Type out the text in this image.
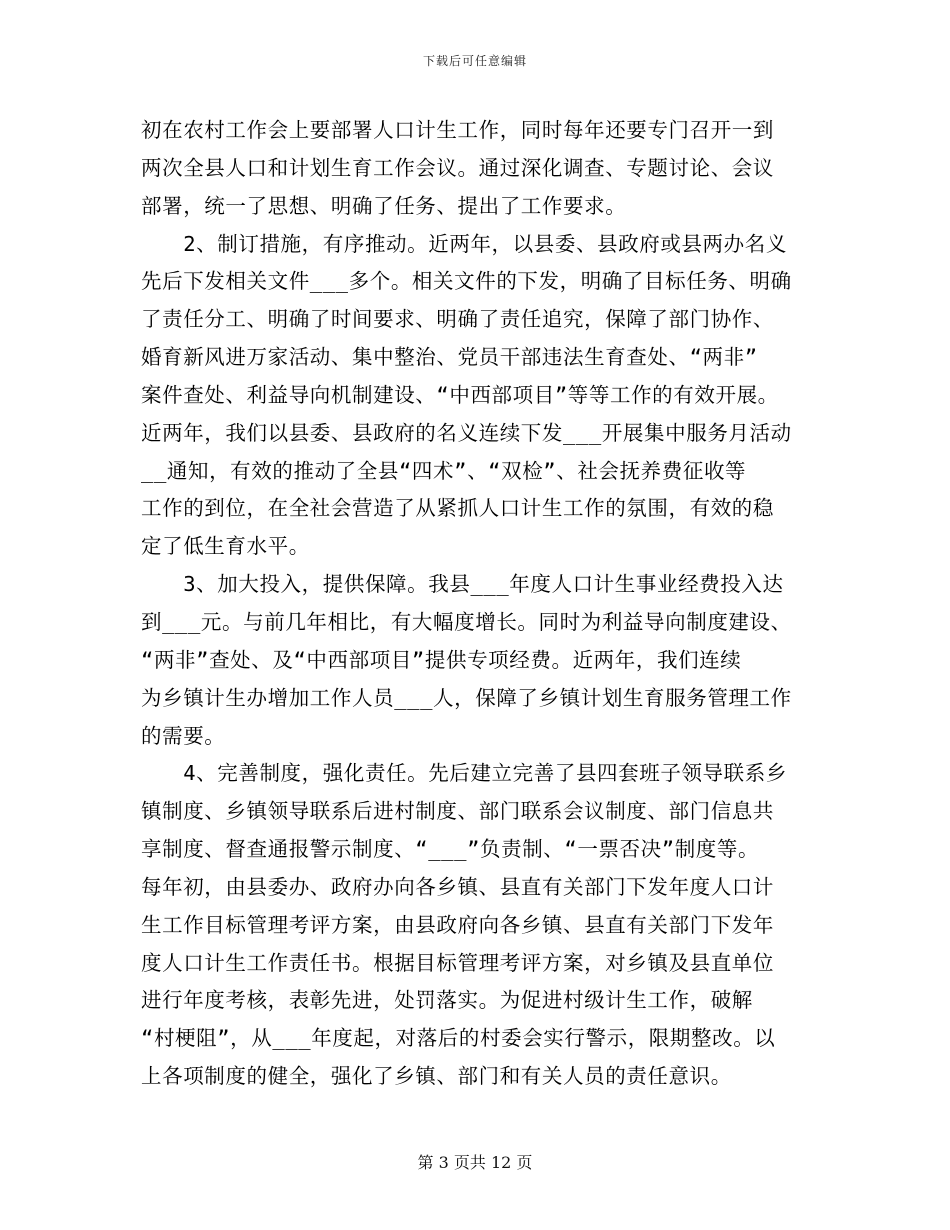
下载后可任意编辑
初在农村工作会上要部署人口计生工作，同时每年还要专门召开一到
两次全县人口和计划生育工作会议。通过深化调查、专题讨论、会议
部署，统一了思想、明确了任务、提出了工作要求。
　　2、制订措施，有序推动。近两年，以县委、县政府或县两办名义
先后下发相关文件___多个。相关文件的下发，明确了目标任务、明确
了责任分工、明确了时间要求、明确了责任追究，保障了部门协作、
婚育新风进万家活动、集中整治、党员干部违法生育查处、“两非”
案件查处、利益导向机制建设、“中西部项目”等等工作的有效开展。
近两年，我们以县委、县政府的名义连续下发___开展集中服务月活动
__通知，有效的推动了全县“四术”、“双检”、社会抚养费征收等
工作的到位，在全社会营造了从紧抓人口计生工作的氛围，有效的稳
定了低生育水平。
　　3、加大投入，提供保障。我县___年度人口计生事业经费投入达
到___元。与前几年相比，有大幅度增长。同时为利益导向制度建设、
“两非”查处、及“中西部项目”提供专项经费。近两年，我们连续
为乡镇计生办增加工作人员___人，保障了乡镇计划生育服务管理工作
的需要。
　　4、完善制度，强化责任。先后建立完善了县四套班子领导联系乡
镇制度、乡镇领导联系后进村制度、部门联系会议制度、部门信息共
享制度、督查通报警示制度、“___”负责制、“一票否决”制度等。
每年初，由县委办、政府办向各乡镇、县直有关部门下发年度人口计
生工作目标管理考评方案，由县政府向各乡镇、县直有关部门下发年
度人口计生工作责任书。根据目标管理考评方案，对乡镇及县直单位
进行年度考核，表彰先进，处罚落实。为促进村级计生工作，破解
“村梗阻”，从___年度起，对落后的村委会实行警示，限期整改。以
上各项制度的健全，强化了乡镇、部门和有关人员的责任意识。
第 3 页共 12 页
